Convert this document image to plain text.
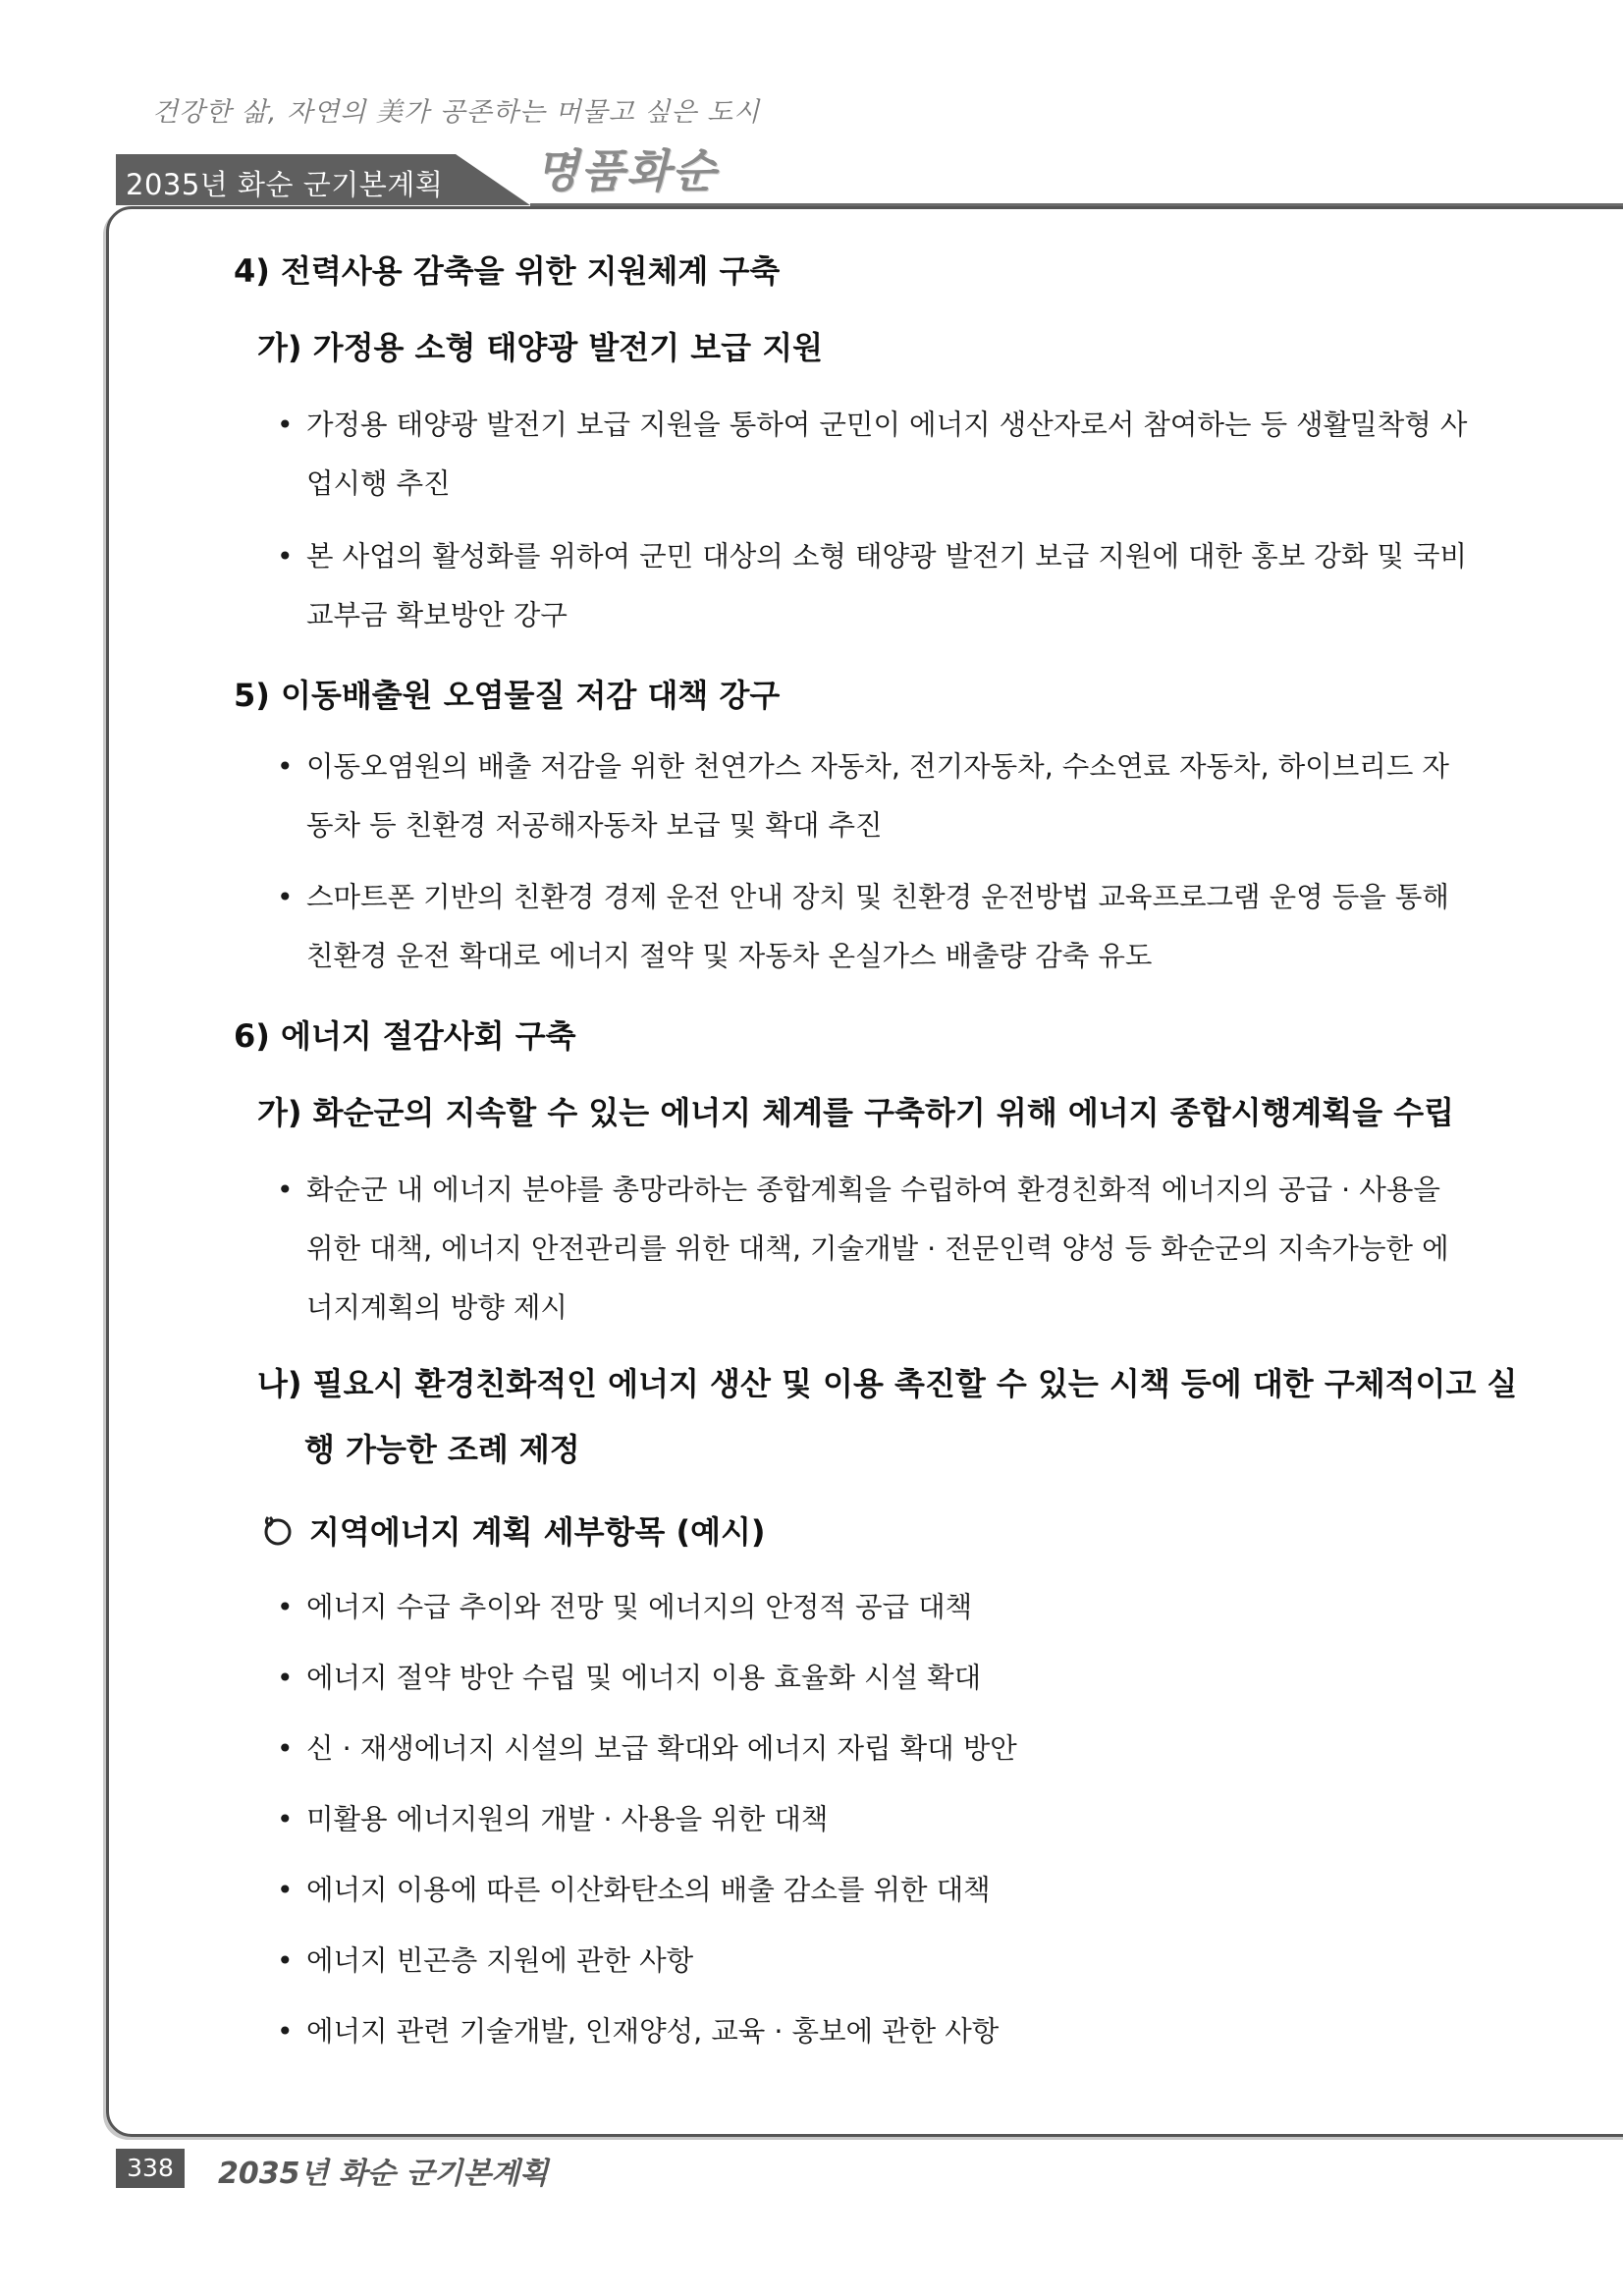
건강한 삶, 자연의 美가 공존하는 머물고 싶은 도시
2035년 화순 군기본계획 명품화순
4) 전력사용 감축을 위한 지원체계 구축
가) 가정용 소형 태양광 발전기 보급 지원
• 가정용 태양광 발전기 보급 지원을 통하여 군민이 에너지 생산자로서 참여하는 등 생활밀착형 사업시행 추진
• 본 사업의 활성화를 위하여 군민 대상의 소형 태양광 발전기 보급 지원에 대한 홍보 강화 및 국비 교부금 확보방안 강구
5) 이동배출원 오염물질 저감 대책 강구
• 이동오염원의 배출 저감을 위한 천연가스 자동차, 전기자동차, 수소연료 자동차, 하이브리드 자동차 등 친환경 저공해자동차 보급 및 확대 추진
• 스마트폰 기반의 친환경 경제 운전 안내 장치 및 친환경 운전방법 교육프로그램 운영 등을 통해 친환경 운전 확대로 에너지 절약 및 자동차 온실가스 배출량 감축 유도
6) 에너지 절감사회 구축
가) 화순군의 지속할 수 있는 에너지 체계를 구축하기 위해 에너지 종합시행계획을 수립
• 화순군 내 에너지 분야를 총망라하는 종합계획을 수립하여 환경친화적 에너지의 공급 · 사용을 위한 대책, 에너지 안전관리를 위한 대책, 기술개발 · 전문인력 양성 등 화순군의 지속가능한 에너지계획의 방향 제시
나) 필요시 환경친화적인 에너지 생산 및 이용 촉진할 수 있는 시책 등에 대한 구체적이고 실행 가능한 조례 제정
지역에너지 계획 세부항목 (예시)
• 에너지 수급 추이와 전망 및 에너지의 안정적 공급 대책
• 에너지 절약 방안 수립 및 에너지 이용 효율화 시설 확대
• 신 · 재생에너지 시설의 보급 확대와 에너지 자립 확대 방안
• 미활용 에너지원의 개발 · 사용을 위한 대책
• 에너지 이용에 따른 이산화탄소의 배출 감소를 위한 대책
• 에너지 빈곤층 지원에 관한 사항
• 에너지 관련 기술개발, 인재양성, 교육 · 홍보에 관한 사항
338	2035년 화순 군기본계획
